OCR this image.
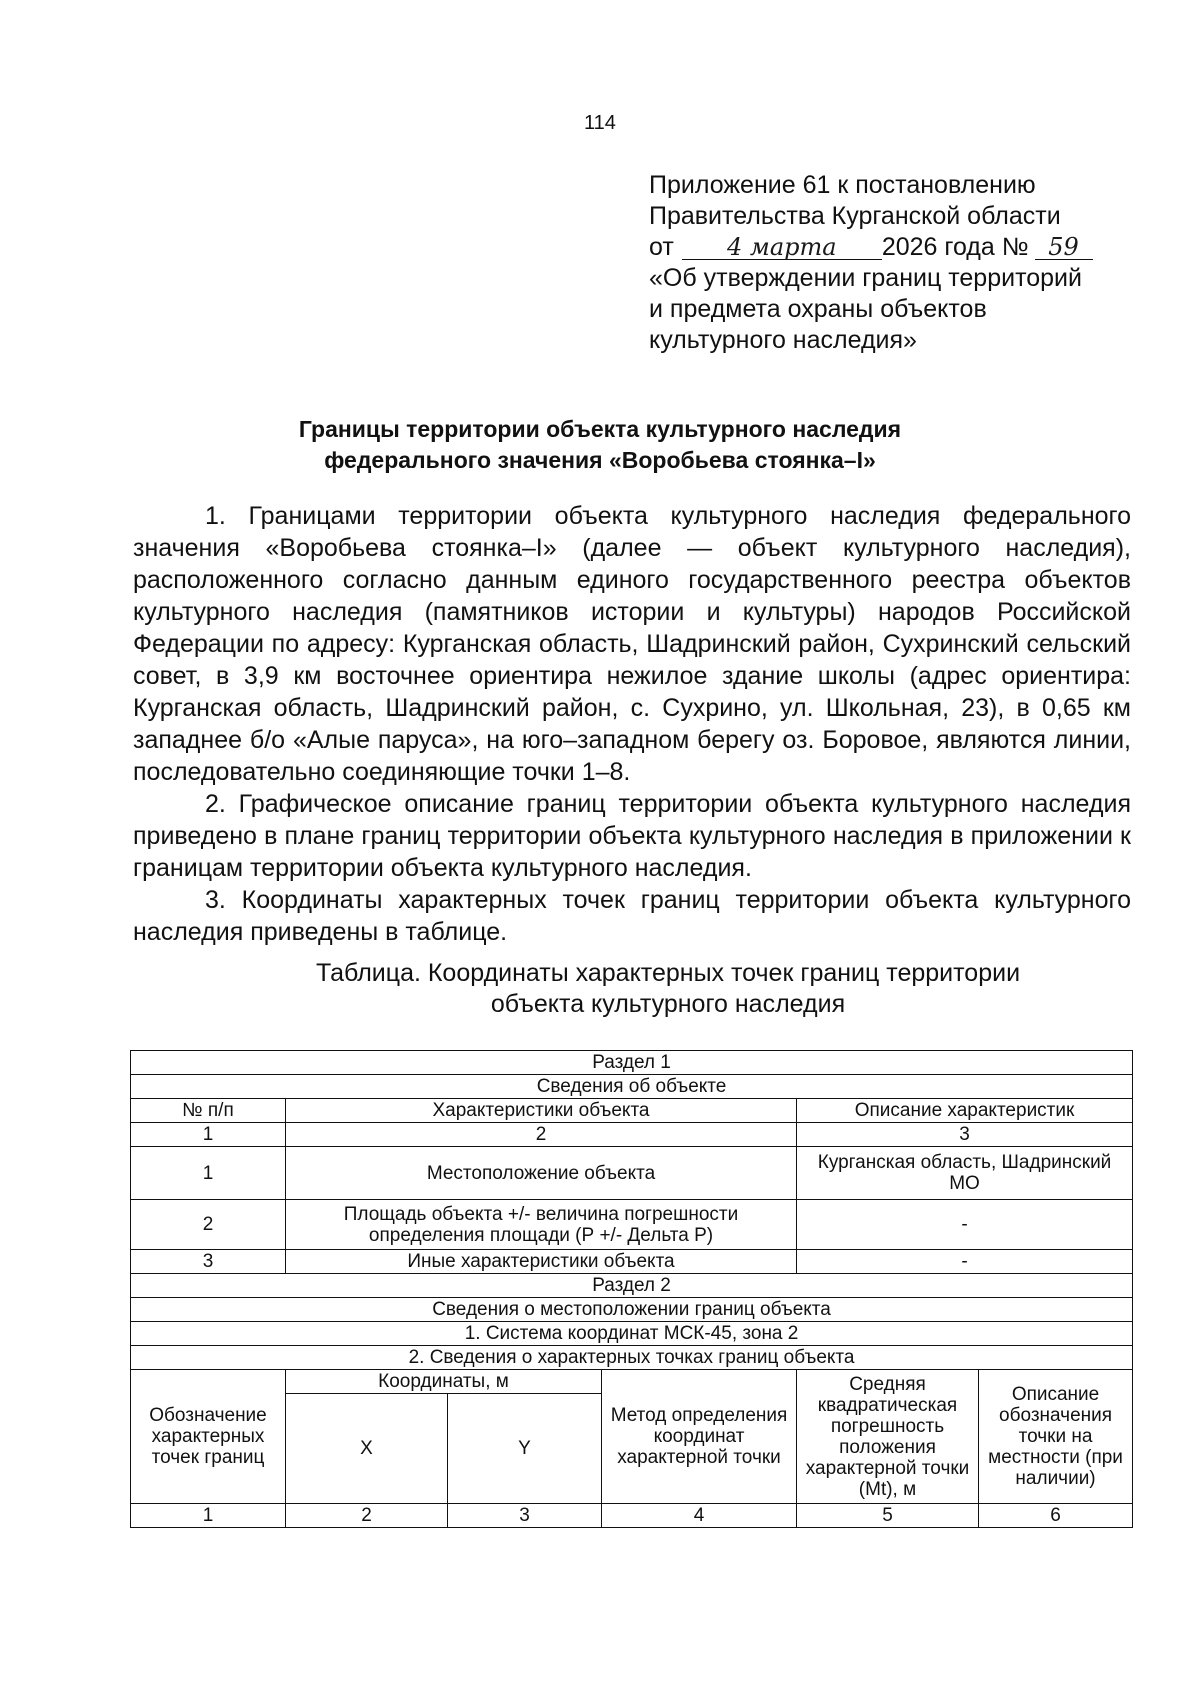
114
Приложение 61 к постановлению
Правительства Курганской области
от 4 марта 2026 года № 59
«Об утверждении границ территорий
и предмета охраны объектов
культурного наследия»
Границы территории объекта культурного наследия
федерального значения «Воробьева стоянка–I»

1. Границами территории объекта культурного наследия федерального значения «Воробьева стоянка–I» (далее — объект культурного наследия), расположенного согласно данным единого государственного реестра объектов культурного наследия (памятников истории и культуры) народов Российской Федерации по адресу: Курганская область, Шадринский район, Сухринский сельский совет, в 3,9 км восточнее ориентира нежилое здание школы (адрес ориентира: Курганская область, Шадринский район, с. Сухрино, ул. Школьная, 23), в 0,65 км западнее б/о «Алые паруса», на юго–западном берегу оз. Боровое, являются линии, последовательно соединяющие точки 1–8.

2. Графическое описание границ территории объекта культурного наследия приведено в плане границ территории объекта культурного наследия в приложении к границам территории объекта культурного наследия.

3. Координаты характерных точек границ территории объекта культурного наследия приведены в таблице.

Таблица. Координаты характерных точек границ территории
объекта культурного наследия
Раздел 1					
Сведения об объекте					
№ п/п	Характеристики объекта			Описание характеристик	
1	2			3	
1	Местоположение объекта			Курганская область, Шадринский МО	
2	Площадь объекта +/- величина погрешности определения площади (Р +/- Дельта Р)			-	
3	Иные характеристики объекта			-	
Раздел 2					
Сведения о местоположении границ объекта					
1. Система координат МСК-45, зона 2					
2. Сведения о характерных точках границ объекта					
Обозначение характерных точек границ	Координаты, м		Метод определения координат характерной точки	Средняя квадратическая погрешность положения характерной точки (Mt), м	Описание обозначения точки на местности (при наличии)
	X	Y			
1	2	3	4	5	6
